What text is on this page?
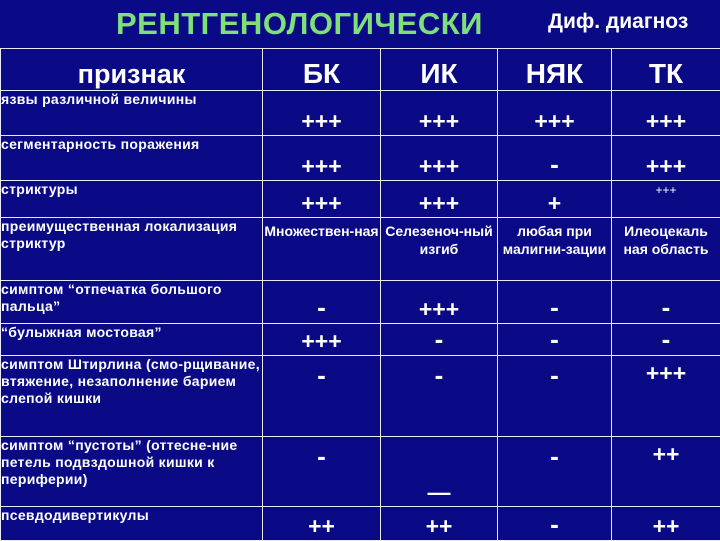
РЕНТГЕНОЛОГИЧЕСКИ	Диф. диагноз
признак	БК	ИК	НЯК	ТК
язвы различной величины	+++	+++	+++	+++
сегментарность поражения	+++	+++	-	+++
стриктуры	+++	+++	+	+++
преимущественная локализация стриктур	Множествен-ная	Селезеноч-ный изгиб	любая при малигни-зации	Илеоцекаль ная область
симптом “отпечатка большого пальца”	-	+++	-	-
“булыжная мостовая”	+++	-	-	-
симптом Штирлина (смо-рщивание, втяжение, незаполнение барием слепой кишки	-	-	-	+++
симптом “пустоты” (оттесне-ние петель подвздошной кишки к периферии)	-	—	-	++
псевдодивертикулы	++	++	-	++
